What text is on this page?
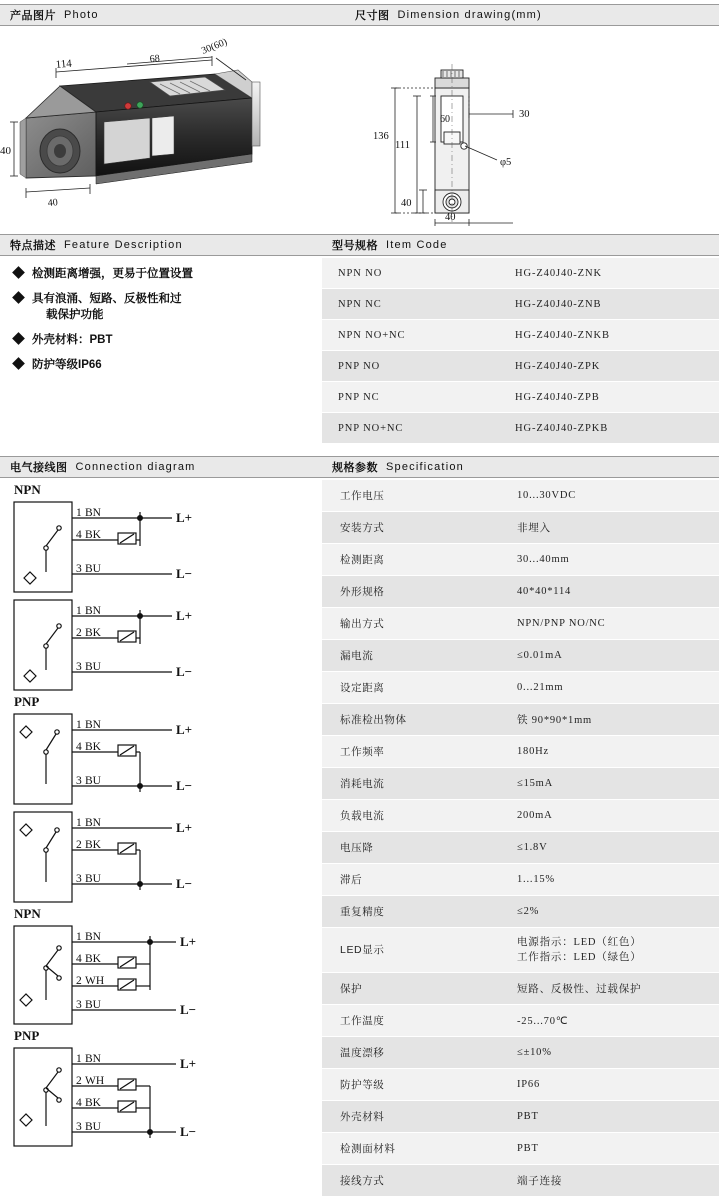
产品图片 Photo	尺寸图 Dimension drawing(mm)
114	68
30(60)
40
40
136
111
60	30
φ5
40
40
特点描述 Feature Description	型号规格 Item Code
检测距离增强，更易于位置设置
具有浪涌、短路、反极性和过
载保护功能
外壳材料：PBT
防护等级IP66
NPN NO	HG-Z40J40-ZNK
NPN NC	HG-Z40J40-ZNB
NPN NO+NC	HG-Z40J40-ZNKB
PNP NO	HG-Z40J40-ZPK
PNP NC	HG-Z40J40-ZPB
PNP NO+NC	HG-Z40J40-ZPKB
电气接线图 Connection diagram	规格参数 Specification
NPN
1 BN
4 BK
3 BU
L+
L−
1 BN
2 BK
3 BU
L+
L−
PNP
1 BN
4 BK
3 BU
L+
L−
1 BN
2 BK
3 BU
L+
L−
NPN
1 BN
4 BK
2 WH
3 BU
L+
L−
PNP
1 BN
2 WH
4 BK
3 BU
L+
L−
工作电压	10...30VDC
安装方式	非埋入
检测距离	30...40mm
外形规格	40*40*114
输出方式	NPN/PNP NO/NC
漏电流	≤0.01mA
设定距离	0...21mm
标准检出物体	铁 90*90*1mm
工作频率	180Hz
消耗电流	≤15mA
负载电流	200mA
电压降	≤1.8V
滞后	1...15%
重复精度	≤2%
LED显示	电源指示：LED（红色）
工作指示：LED（绿色）

保护	短路、反极性、过载保护
工作温度	-25...70℃
温度漂移	≤±10%
防护等级	IP66
外壳材料	PBT
检测面材料	PBT
接线方式	端子连接
